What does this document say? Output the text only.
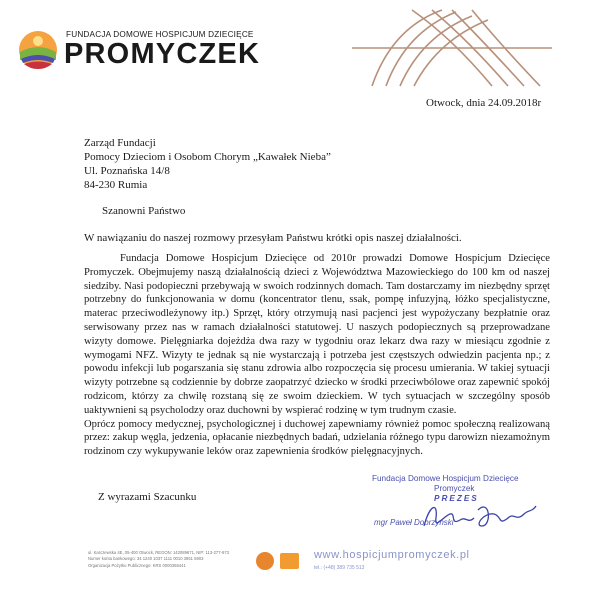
FUNDACJA DOMOWE HOSPICJUM DZIECIĘCE
PROMYCZEK
Otwock, dnia 24.09.2018r
Zarząd Fundacji
Pomocy Dzieciom i Osobom Chorym „Kawałek Nieba”
Ul. Poznańska 14/8
84-230 Rumia
Szanowni Państwo
W nawiązaniu do naszej rozmowy przesyłam Państwu krótki opis naszej działalności.

Fundacja Domowe Hospicjum Dziecięce od 2010r prowadzi Domowe Hospicjum Dziecięce Promyczek. Obejmujemy naszą działalnością dzieci z Województwa Mazowieckiego do 100 km od naszej siedziby. Nasi podopieczni przebywają w swoich rodzinnych domach. Tam dostarczamy im niezbędny sprzęt potrzebny do funkcjonowania w domu (koncentrator tlenu, ssak, pompę infuzyjną, łóżko specjalistyczne, materac przeciwodleżynowy itp.) Sprzęt, który otrzymują nasi pacjenci jest wypożyczany bezpłatnie oraz serwisowany przez nas w ramach działalności statutowej. U naszych podopiecznych są przeprowadzane wizyty domowe. Pielęgniarka dojeżdża dwa razy w tygodniu oraz lekarz dwa razy w miesiącu zgodnie z wymogami NFZ. Wizyty te jednak są nie wystarczają i potrzeba jest częstszych odwiedzin pacjenta np.; z powodu infekcji lub pogarszania się stanu zdrowia albo rozpoczęcia się procesu umierania. W takiej sytuacji wizyty potrzebne są codziennie by dobrze zaopatrzyć dziecko w środki przeciwbólowe oraz zapewnić spokój rodzicom, którzy za chwilę rozstaną się ze swoim dzieckiem. W tych sytuacjach w szczególny sposób uaktywnieni są psycholodzy oraz duchowni by wspierać rodzinę w tym trudnym czasie.

Oprócz pomocy medycznej, psychologicznej i duchowej zapewniamy również pomoc społeczną realizowaną przez: zakup węgla, jedzenia, opłacanie niezbędnych badań, udzielania różnego typu darowizn niezamożnym rodzinom czy wykupywanie leków oraz zapewnienia środków pielęgnacyjnych.

Z wyrazami Szacunku
Fundacja Domowe Hospicjum Dziecięce
Promyczek
PREZES
mgr Paweł Dobrzyński
ul. Karczewska 4E, 05-400 Otwock, REGON: 142089671, NIP: 113-277-973
Numer konta bankowego: 34 1240 1037 1111 0010 3851 5903
Organizacja Pożytku Publicznego: KRS 0000356441
www.hospicjumpromyczek.pl
tel.: (+48) 389 735 513
